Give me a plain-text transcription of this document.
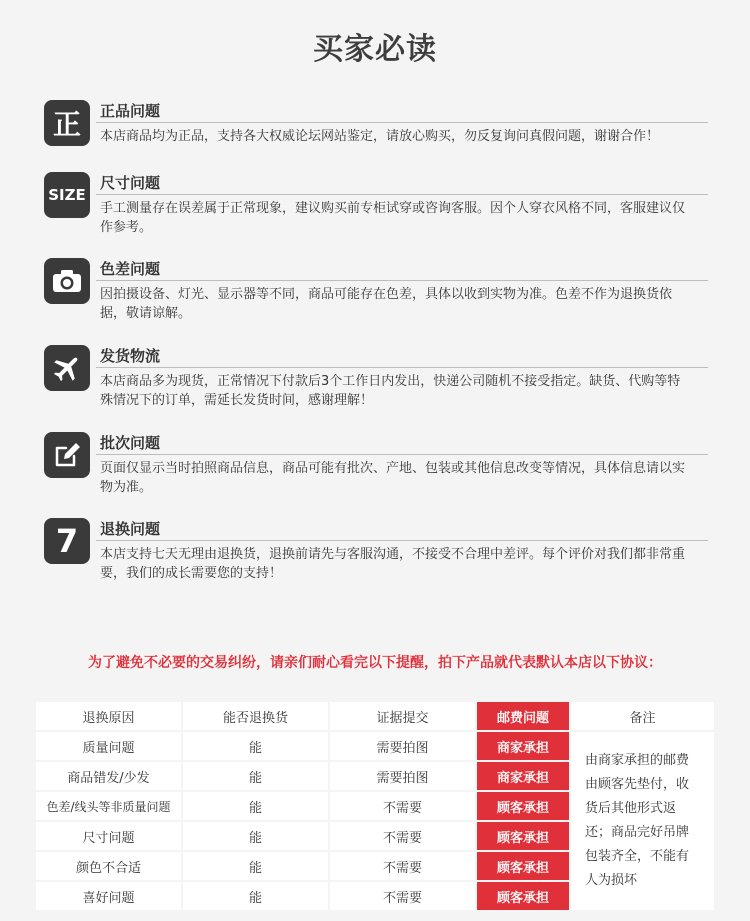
买家必读
正 正品问题
本店商品均为正品，支持各大权威论坛网站鉴定，请放心购买，勿反复询问真假问题，谢谢合作！
SIZE
尺寸问题
手工测量存在误差属于正常现象，建议购买前专柜试穿或咨询客服。因个人穿衣风格不同，客服建议仅作参考。
色差问题
因拍摄设备、灯光、显示器等不同，商品可能存在色差，具体以收到实物为准。色差不作为退换货依据，敬请谅解。
发货物流
本店商品多为现货，正常情况下付款后3个工作日内发出，快递公司随机不接受指定。缺货、代购等特殊情况下的订单，需延长发货时间，感谢理解！
批次问题
页面仅显示当时拍照商品信息，商品可能有批次、产地、包装或其他信息改变等情况，具体信息请以实物为准。
7 退换问题
本店支持七天无理由退换货，退换前请先与客服沟通，不接受不合理中差评。每个评价对我们都非常重要，我们的成长需要您的支持！
为了避免不必要的交易纠纷，请亲们耐心看完以下提醒，拍下产品就代表默认本店以下协议：
退换原因	能否退换货	证据提交	邮费问题	备注
质量问题	能	需要拍图	商家承担	由商家承担的邮费由顾客先垫付，收货后其他形式返还；商品完好吊牌包装齐全，不能有人为损坏
商品错发/少发	能	需要拍图	商家承担	
色差/线头等非质量问题	能	不需要	顾客承担	
尺寸问题	能	不需要	顾客承担	
颜色不合适	能	不需要	顾客承担	
喜好问题	能	不需要	顾客承担	
